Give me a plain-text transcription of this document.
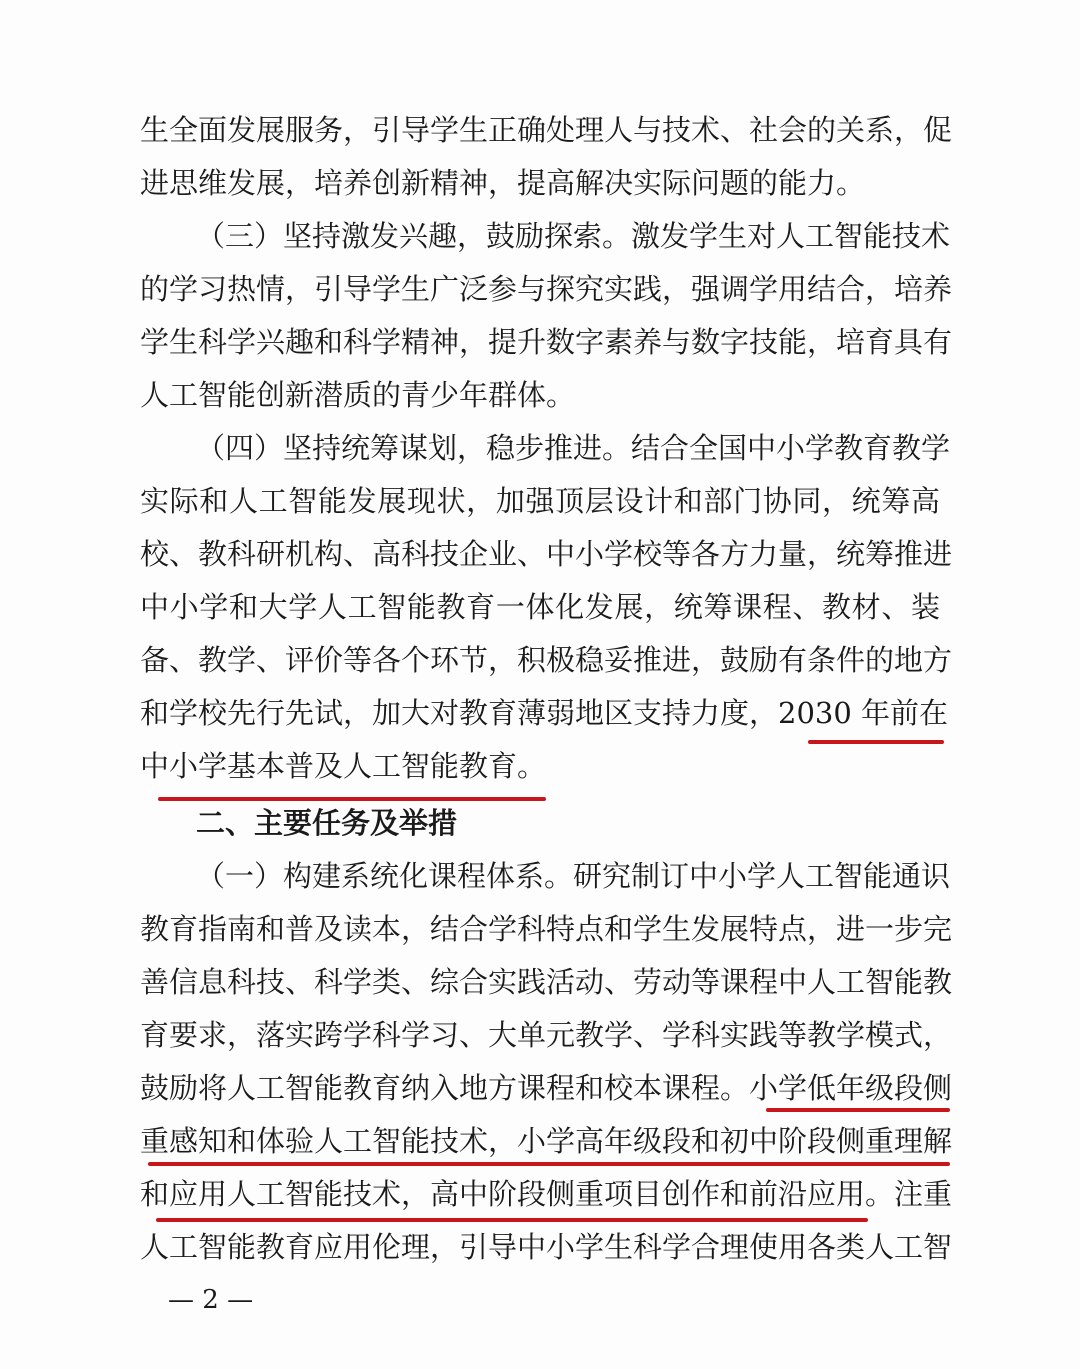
生全面发展服务，引导学生正确处理人与技术、社会的关系，促
进思维发展，培养创新精神，提高解决实际问题的能力。
（三）坚持激发兴趣，鼓励探索。激发学生对人工智能技术
的学习热情，引导学生广泛参与探究实践，强调学用结合，培养
学生科学兴趣和科学精神，提升数字素养与数字技能，培育具有
人工智能创新潜质的青少年群体。
（四）坚持统筹谋划，稳步推进。结合全国中小学教育教学
实际和人工智能发展现状，加强顶层设计和部门协同，统筹高
校、教科研机构、高科技企业、中小学校等各方力量，统筹推进
中小学和大学人工智能教育一体化发展，统筹课程、教材、装
备、教学、评价等各个环节，积极稳妥推进，鼓励有条件的地方
和学校先行先试，加大对教育薄弱地区支持力度，2030 年前在
中小学基本普及人工智能教育。
二、主要任务及举措
（一）构建系统化课程体系。研究制订中小学人工智能通识
教育指南和普及读本，结合学科特点和学生发展特点，进一步完
善信息科技、科学类、综合实践活动、劳动等课程中人工智能教
育要求，落实跨学科学习、大单元教学、学科实践等教学模式，
鼓励将人工智能教育纳入地方课程和校本课程。小学低年级段侧
重感知和体验人工智能技术，小学高年级段和初中阶段侧重理解
和应用人工智能技术，高中阶段侧重项目创作和前沿应用。注重
人工智能教育应用伦理，引导中小学生科学合理使用各类人工智
— 2 —
